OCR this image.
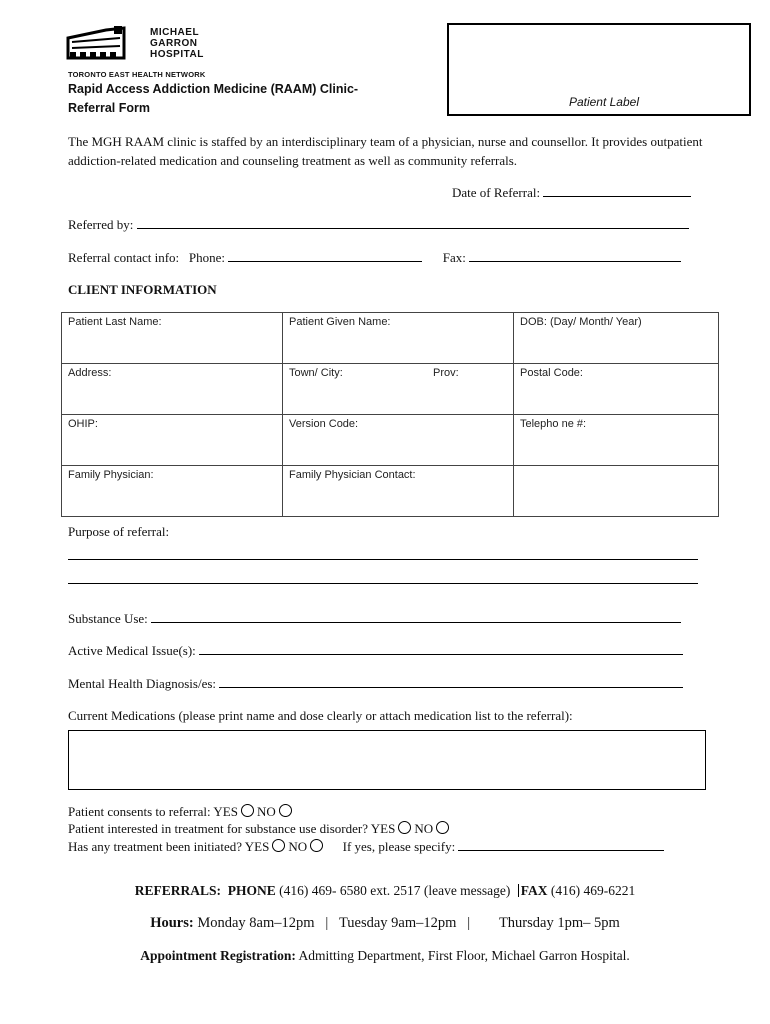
MICHAEL
GARRON
HOSPITAL
TORONTO EAST HEALTH NETWORK
Rapid Access Addiction Medicine (RAAM) Clinic-
Referral Form	Patient Label
The MGH RAAM clinic is staffed by an interdisciplinary team of a physician, nurse and counsellor. It provides outpatient addiction-related medication and counseling treatment as well as community referrals.
Date of Referral:
Referred by:
Referral contact info: Phone:	Fax:
CLIENT INFORMATION
Patient Last Name:	Patient Given Name:	DOB: (Day/ Month/ Year)
Address:	Town/ City: Prov:	Postal Code:
OHIP:	Version Code:	Telepho ne #:
Family Physician:	Family Physician Contact:	
Purpose of referral:
Substance Use:
Active Medical Issue(s):
Mental Health Diagnosis/es:
Current Medications (please print name and dose clearly or attach medication list to the referral):
Patient consents to referral: YES NO
Patient interested in treatment for substance use disorder? YES NO
Has any treatment been initiated? YES NO	If yes, please specify:
REFERRALS: PHONE (416) 469- 6580 ext. 2517 (leave message) FAX (416) 469-6221
Hours: Monday 8am–12pm   |   Tuesday 9am–12pm   |        Thursday 1pm– 5pm
Appointment Registration: Admitting Department, First Floor, Michael Garron Hospital.
